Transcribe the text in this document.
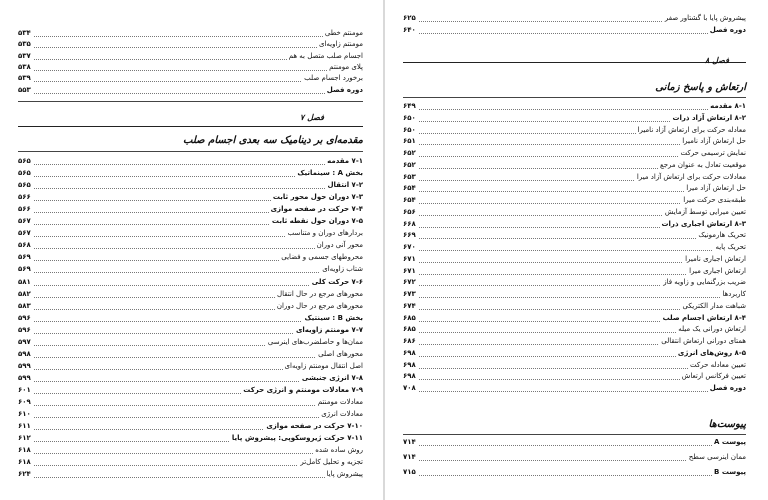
مومنتم خطی
۵۳۴
مومنتم زاویه‌ای
۵۳۵
اجسام صلب متصل به هم
۵۳۷
پلای مومنتم
۵۳۸
برخورد اجسام صلب
۵۳۹
دوره فصل
۵۵۳
فصل ۷
مقدمه‌ای بر دینامیک سه بعدی اجسام صلب
۷-۱ مقدمه
۵۶۵
بخش A : سینماتیک
۵۶۵
۷-۲ انتقال
۵۶۵
۷-۳ دوران حول محور ثابت
۵۶۶
۷-۴ حرکت در صفحه موازی
۵۶۶
۷-۵ دوران حول نقطه ثابت
۵۶۷
بردارهای دوران و متناسب
۵۶۷
محور آنی دوران
۵۶۸
محروطهای جسمی و فضایی
۵۶۹
شتاب زاویه‌ای
۵۶۹
۷-۶ حرکت کلی
۵۸۱
محورهای مرجع در حال انتقال
۵۸۲
محورهای مرجع در حال دوران
۵۸۳
بخش B : سینتیک
۵۹۶
۷-۷ مومنتم زاویه‌ای
۵۹۶
ممان‌ها و حاصلضرب‌های اینرسی
۵۹۷
محورهای اصلی
۵۹۸
اصل انتقال مومنتم زاویه‌ای
۵۹۹
۷-۸ انرژی جنبشی
۵۹۹
۷-۹ معادلات مومنتم و انرژی حرکت
۶۰۱
معادلات مومنتم
۶۰۹
معادلات انرژی
۶۱۰
۷-۱۰ حرکت در صفحه موازی
۶۱۱
۷-۱۱ حرکت ژیروسکوپی: پیشروش پایا
۶۱۲
روش ساده شده
۶۱۸
تجزیه و تحلیل کامل‌تر
۶۱۸
پیشروش پایا
۶۲۴
پیشروش پایا با گشتاور صفر
۶۲۵
دوره فصل
۶۴۰
فصل ۸
ارتعاش و پاسخ زمانی
۸-۱ مقدمه
۶۴۹
۸-۲ ارتعاش آزاد ذرات
۶۵۰
معادله حرکت برای ارتعاش آزاد نامیرا
۶۵۰
حل ارتعاش آزاد نامیرا
۶۵۱
نمایش ترسیمی حرکت
۶۵۲
موقعیت تعادل به عنوان مرجع
۶۵۲
معادلات حرکت برای ارتعاش آزاد میرا
۶۵۳
حل ارتعاش آزاد میرا
۶۵۴
طبقه‌بندی حرکت میرا
۶۵۴
تعیین میرایی توسط آزمایش
۶۵۶
۸-۳ ارتعاش اجباری ذرات
۶۶۸
تحریک هارمونیک
۶۶۹
تحریک پایه
۶۷۰
ارتعاش اجباری نامیرا
۶۷۱
ارتعاش اجباری میرا
۶۷۱
ضریب بزرگنمایی و زاویه فاز
۶۷۲
کاربردها
۶۷۳
شباهت مدار الکتریکی
۶۷۴
۸-۴ ارتعاش اجسام صلب
۶۸۵
ارتعاش دورانی یک میله
۶۸۵
همتای دورانی ارتعاش انتقالی
۶۸۶
۸-۵ روش‌های انرژی
۶۹۸
تعیین معادله حرکت
۶۹۸
تعیین فرکانس ارتعاش
۶۹۸
دوره فصل
۷۰۸
پیوست‌ها
پیوست A
۷۱۴
ممان اینرسی سطح
۷۱۴
پیوست B
۷۱۵
